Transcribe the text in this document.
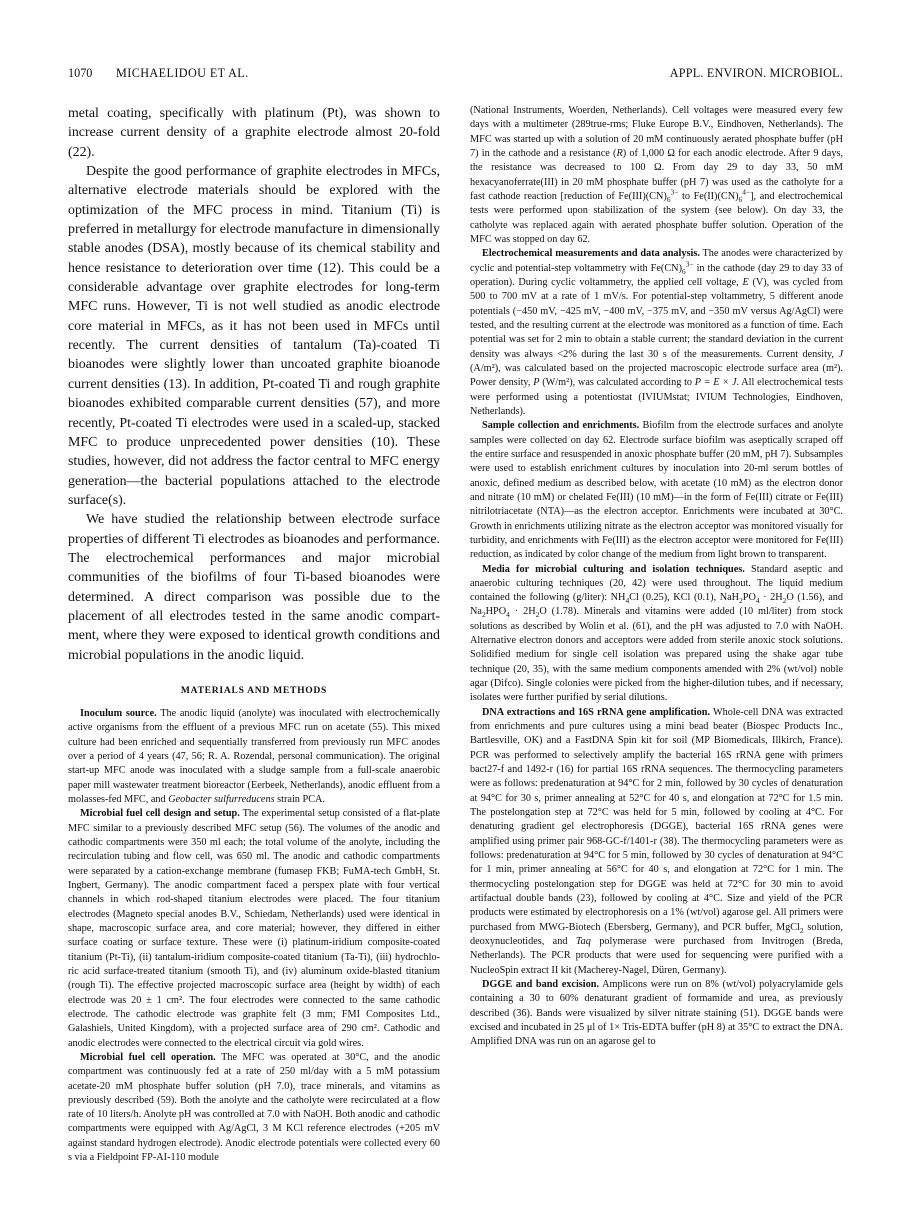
1070 MICHAELIDOU ET AL.	APPL. ENVIRON. MICROBIOL.

metal coating, specifically with platinum (Pt), was shown to increase current density of a graphite electrode almost 20-fold (22).

Despite the good performance of graphite electrodes in MFCs, alternative electrode materials should be explored with the optimization of the MFC process in mind. Titanium (Ti) is preferred in metallurgy for electrode manufacture in dimensionally stable anodes (DSA), mostly because of its chemical stability and hence resistance to deterioration over time (12). This could be a considerable advantage over graphite electrodes for long-term MFC runs. However, Ti is not well studied as anodic electrode core material in MFCs, as it has not been used in MFCs until recently. The current densities of tantalum (Ta)-coated Ti bioanodes were slightly lower than uncoated graphite bioanode current densities (13). In addition, Pt-coated Ti and rough graphite bioanodes exhibited comparable current densities (57), and more recently, Pt-coated Ti electrodes were used in a scaled-up, stacked MFC to produce unprecedented power densities (10). These studies, however, did not address the factor central to MFC energy generation—the bacterial populations attached to the electrode surface(s).

We have studied the relationship between electrode surface properties of different Ti electrodes as bioanodes and performance. The electrochemical performances and major microbial communities of the biofilms of four Ti-based bioanodes were determined. A direct comparison was possible due to the placement of all electrodes tested in the same anodic compartment, where they were exposed to identical growth conditions and microbial populations in the anodic liquid.

MATERIALS AND METHODS

Inoculum source. The anodic liquid (anolyte) was inoculated with electrochemically active organisms from the effluent of a previous MFC run on acetate (55). This mixed culture had been enriched and sequentially transferred from previously run MFC anodes over a period of 4 years (47, 56; R. A. Rozendal, personal communication). The original start-up MFC anode was inoculated with a sludge sample from a full-scale anaerobic paper mill wastewater treatment bioreactor (Eerbeek, Netherlands), anodic effluent from a molasses-fed MFC, and Geobacter sulfurreducens strain PCA.

Microbial fuel cell design and setup. The experimental setup consisted of a flat-plate MFC similar to a previously described MFC setup (56). The volumes of the anodic and cathodic compartments were 350 ml each; the total volume of the anolyte, including the recirculation tubing and flow cell, was 650 ml. The anodic and cathodic compartments were separated by a cation-exchange membrane (fumasep FKB; FuMA-tech GmbH, St. Ingbert, Germany). The anodic compartment faced a perspex plate with four vertical channels in which rod-shaped titanium electrodes were placed. The four titanium electrodes (Magneto special anodes B.V., Schiedam, Netherlands) used were identical in shape, macroscopic surface area, and core material; however, they differed in either surface coating or surface texture. These were (i) platinum-iridium composite-coated titanium (Pt-Ti), (ii) tantalum-iridium composite-coated titanium (Ta-Ti), (iii) hydrochloric acid surface-treated titanium (smooth Ti), and (iv) aluminum oxide-blasted titanium (rough Ti). The effective projected macroscopic surface area (height by width) of each electrode was 20 ± 1 cm². The four electrodes were connected to the same cathodic electrode. The cathodic electrode was graphite felt (3 mm; FMI Composites Ltd., Galashiels, United Kingdom), with a projected surface area of 290 cm². Cathodic and anodic electrodes were connected to the electrical circuit via gold wires.

Microbial fuel cell operation. The MFC was operated at 30°C, and the anodic compartment was continuously fed at a rate of 250 ml/day with a 5 mM potassium acetate-20 mM phosphate buffer solution (pH 7.0), trace minerals, and vitamins as previously described (59). Both the anolyte and the catholyte were recirculated at a flow rate of 10 liters/h. Anolyte pH was controlled at 7.0 with NaOH. Both anodic and cathodic compartments were equipped with Ag/AgCl, 3 M KCl reference electrodes (+205 mV against standard hydrogen electrode). Anodic electrode potentials were collected every 60 s via a Fieldpoint FP-AI-110 module

(National Instruments, Woerden, Netherlands). Cell voltages were measured every few days with a multimeter (289true-rms; Fluke Europe B.V., Eindhoven, Netherlands). The MFC was started up with a solution of 20 mM continuously aerated phosphate buffer (pH 7) in the cathode and a resistance (R) of 1,000 Ω for each anodic electrode. After 9 days, the resistance was decreased to 100 Ω. From day 29 to day 33, 50 mM hexacyanoferrate(III) in 20 mM phosphate buffer (pH 7) was used as the catholyte for a fast cathode reaction [reduction of $Fe(III)(CN)_6^{3-}$ to $Fe(II)(CN)_6^{4-}$], and electrochemical tests were performed upon stabilization of the system (see below). On day 33, the catholyte was replaced again with aerated phosphate buffer solution. Operation of the MFC was stopped on day 62.

Electrochemical measurements and data analysis. The anodes were characterized by cyclic and potential-step voltammetry with $Fe(CN)_6^{3-}$ in the cathode (day 29 to day 33 of operation). During cyclic voltammetry, the applied cell voltage, E (V), was cycled from 500 to 700 mV at a rate of 1 mV/s. For potential-step voltammetry, 5 different anode potentials (−450 mV, −425 mV, −400 mV, −375 mV, and −350 mV versus Ag/AgCl) were tested, and the resulting current at the electrode was monitored as a function of time. Each potential was set for 2 min to obtain a stable current; the standard deviation in the current density was always <2% during the last 30 s of the measurements. Current density, J (A/m²), was calculated based on the projected macroscopic electrode surface area (m²). Power density, P (W/m²), was calculated according to P = E × J. All electrochemical tests were performed using a potentiostat (IVIUMstat; IVIUM Technologies, Eindhoven, Netherlands).

Sample collection and enrichments. Biofilm from the electrode surfaces and anolyte samples were collected on day 62. Electrode surface biofilm was aseptically scraped off the entire surface and resuspended in anoxic phosphate buffer (20 mM, pH 7). Subsamples were used to establish enrichment cultures by inoculation into 20-ml serum bottles of anoxic, defined medium as described below, with acetate (10 mM) as the electron donor and nitrate (10 mM) or chelated Fe(III) (10 mM)—in the form of Fe(III) citrate or Fe(III) nitrilotriacetate (NTA)—as the electron acceptor. Enrichments were incubated at 30°C. Growth in enrichments utilizing nitrate as the electron acceptor was monitored visually for turbidity, and enrichments with Fe(III) as the electron acceptor were monitored for Fe(III) reduction, as indicated by color change of the medium from light brown to transparent.

Media for microbial culturing and isolation techniques. Standard aseptic and anaerobic culturing techniques (20, 42) were used throughout. The liquid medium contained the following (g/liter): $NH_4Cl$ (0.25), KCl (0.1), $NaH_2PO_4 \cdot 2H_2O$ (1.56), and $Na_2HPO_4 \cdot 2H_2O$ (1.78). Minerals and vitamins were added (10 ml/liter) from stock solutions as described by Wolin et al. (61), and the pH was adjusted to 7.0 with NaOH. Alternative electron donors and acceptors were added from sterile anoxic stock solutions. Solidified medium for single cell isolation was prepared using the shake agar tube technique (20, 35), with the same medium components amended with 2% (wt/vol) noble agar (Difco). Single colonies were picked from the higher-dilution tubes, and if necessary, isolates were further purified by serial dilutions.

DNA extractions and 16S rRNA gene amplification. Whole-cell DNA was extracted from enrichments and pure cultures using a mini bead beater (Biospec Products Inc., Bartlesville, OK) and a FastDNA Spin kit for soil (MP Biomedicals, Illkirch, France). PCR was performed to selectively amplify the bacterial 16S rRNA gene with primers bact27-f and 1492-r (16) for partial 16S rRNA sequences. The thermocycling parameters were as follows: predenaturation at 94°C for 2 min, followed by 30 cycles of denaturation at 94°C for 30 s, primer annealing at 52°C for 40 s, and elongation at 72°C for 1.5 min. The postelongation step at 72°C was held for 5 min, followed by cooling at 4°C. For denaturing gradient gel electrophoresis (DGGE), bacterial 16S rRNA genes were amplified using primer pair 968-GC-f/1401-r (38). The thermocycling parameters were as follows: predenaturation at 94°C for 5 min, followed by 30 cycles of denaturation at 94°C for 1 min, primer annealing at 56°C for 40 s, and elongation at 72°C for 1 min. The thermocycling postelongation step for DGGE was held at 72°C for 30 min to avoid artifactual double bands (23), followed by cooling at 4°C. Size and yield of the PCR products were estimated by electrophoresis on a 1% (wt/vol) agarose gel. All primers were purchased from MWG-Biotech (Ebersberg, Germany), and PCR buffer, MgCl$_2$ solution, deoxynucleotides, and Taq polymerase were purchased from Invitrogen (Breda, Netherlands). The PCR products that were used for sequencing were purified with a NucleoSpin extract II kit (Macherey-Nagel, Düren, Germany).

DGGE and band excision. Amplicons were run on 8% (wt/vol) polyacrylamide gels containing a 30 to 60% denaturant gradient of formamide and urea, as previously described (36). Bands were visualized by silver nitrate staining (51). DGGE bands were excised and incubated in 25 μl of 1× Tris-EDTA buffer (pH 8) at 35°C to extract the DNA. Amplified DNA was run on an agarose gel to
